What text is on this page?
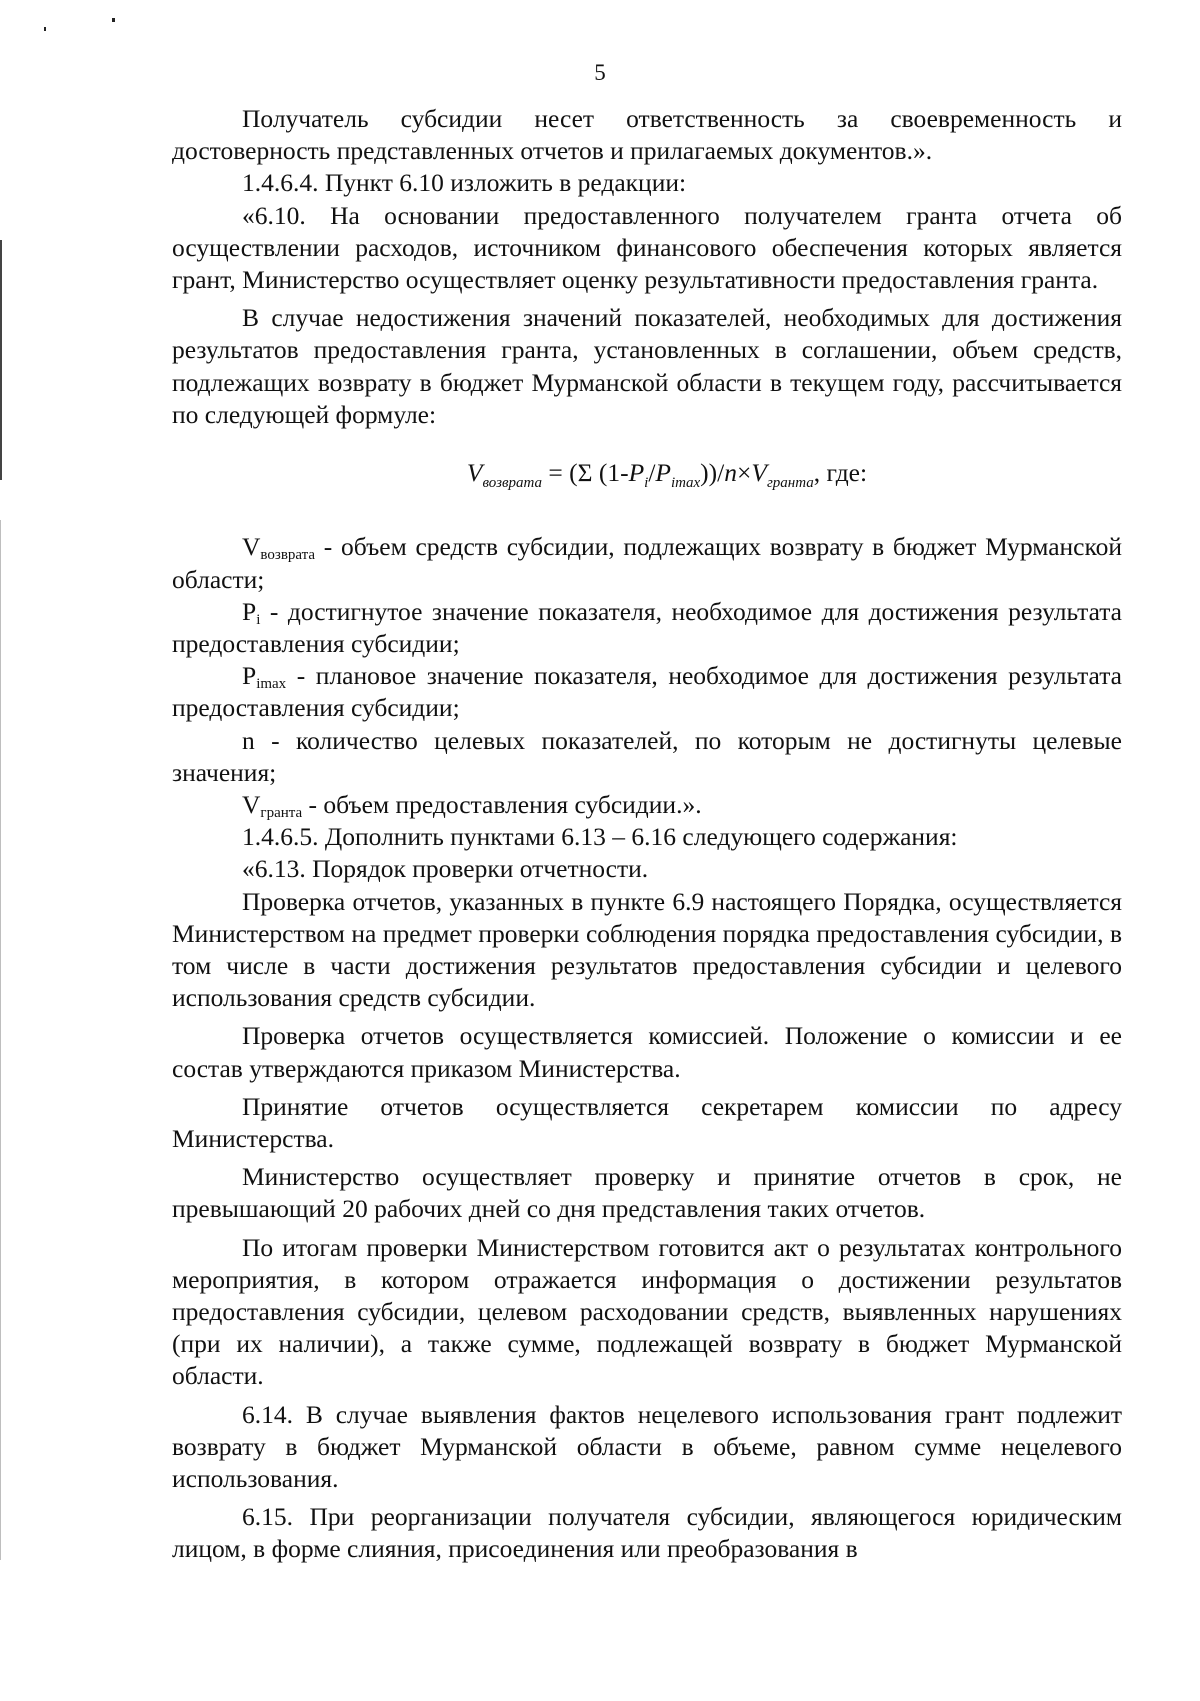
5

Получатель субсидии несет ответственность за своевременность и достоверность представленных отчетов и прилагаемых документов.».

1.4.6.4. Пункт 6.10 изложить в редакции:

«6.10. На основании предоставленного получателем гранта отчета об осуществлении расходов, источником финансового обеспечения которых является грант, Министерство осуществляет оценку результативности предоставления гранта.

В случае недостижения значений показателей, необходимых для достижения результатов предоставления гранта, установленных в соглашении, объем средств, подлежащих возврату в бюджет Мурманской области в текущем году, рассчитывается по следующей формуле:

$V_{возврата} = (\Sigma$ $(1-P_i/P_{imax}))/n\times V_{гранта}$, где:

$V_{возврата}$ - объем средств субсидии, подлежащих возврату в бюджет Мурманской области;

$P_i$ - достигнутое значение показателя, необходимое для достижения результата предоставления субсидии;

$P_{imax}$ - плановое значение показателя, необходимое для достижения результата предоставления субсидии;

n - количество целевых показателей, по которым не достигнуты целевые значения;

$V_{гранта}$ - объем предоставления субсидии.».

1.4.6.5. Дополнить пунктами 6.13 – 6.16 следующего содержания:

«6.13. Порядок проверки отчетности.

Проверка отчетов, указанных в пункте 6.9 настоящего Порядка, осуществляется Министерством на предмет проверки соблюдения порядка предоставления субсидии, в том числе в части достижения результатов предоставления субсидии и целевого использования средств субсидии.

Проверка отчетов осуществляется комиссией. Положение о комиссии и ее состав утверждаются приказом Министерства.

Принятие отчетов осуществляется секретарем комиссии по адресу Министерства.

Министерство осуществляет проверку и принятие отчетов в срок, не превышающий 20 рабочих дней со дня представления таких отчетов.

По итогам проверки Министерством готовится акт о результатах контрольного мероприятия, в котором отражается информация о достижении результатов предоставления субсидии, целевом расходовании средств, выявленных нарушениях (при их наличии), а также сумме, подлежащей возврату в бюджет Мурманской области.

6.14. В случае выявления фактов нецелевого использования грант подлежит возврату в бюджет Мурманской области в объеме, равном сумме нецелевого использования.

6.15. При реорганизации получателя субсидии, являющегося юридическим лицом, в форме слияния, присоединения или преобразования в
